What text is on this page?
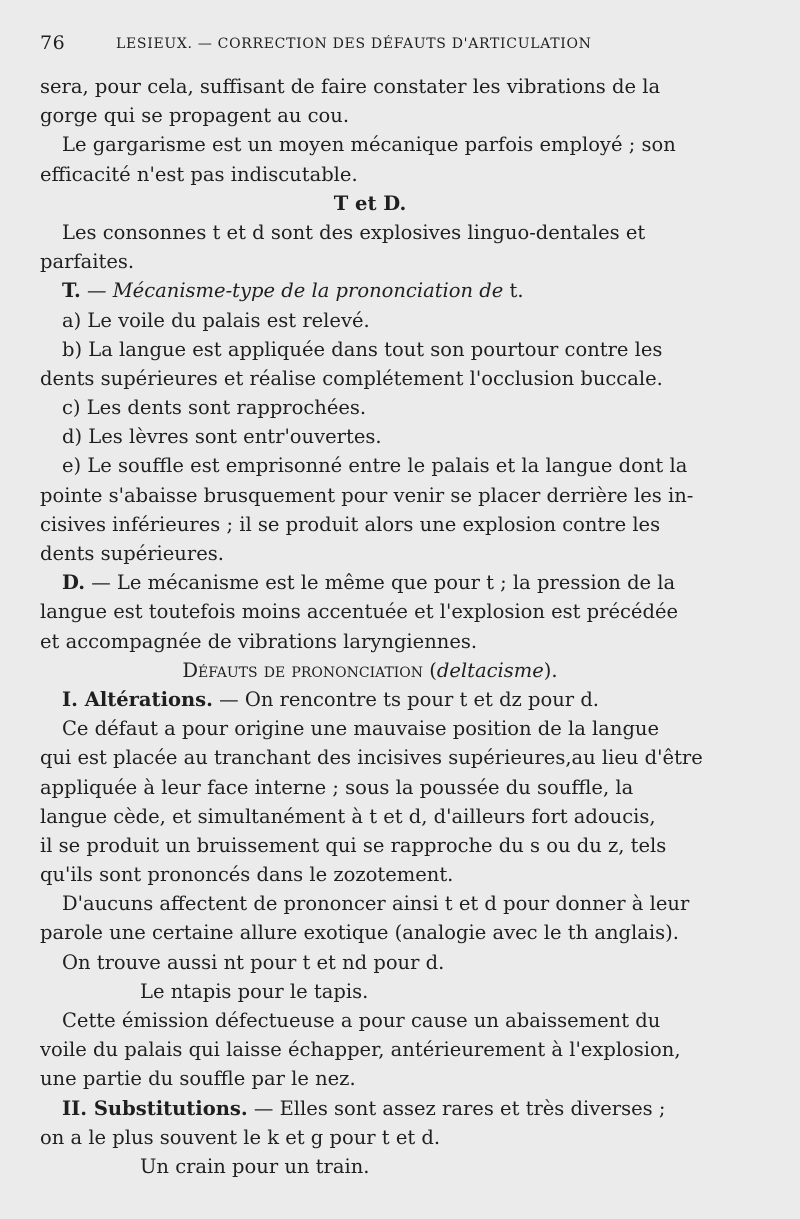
76	LESIEUX. — CORRECTION DES DÉFAUTS D'ARTICULATION
sera, pour cela, suffisant de faire constater les vibrations de la
gorge qui se propagent au cou.
Le gargarisme est un moyen mécanique parfois employé ; son
efficacité n'est pas indiscutable.
T et D.
Les consonnes t et d sont des explosives linguo-dentales et
parfaites.
T. — Mécanisme-type de la prononciation de t.
a) Le voile du palais est relevé.
b) La langue est appliquée dans tout son pourtour contre les
dents supérieures et réalise complétement l'occlusion buccale.
c) Les dents sont rapprochées.
d) Les lèvres sont entr'ouvertes.
e) Le souffle est emprisonné entre le palais et la langue dont la
pointe s'abaisse brusquement pour venir se placer derrière les in-
cisives inférieures ; il se produit alors une explosion contre les
dents supérieures.
D. — Le mécanisme est le même que pour t ; la pression de la
langue est toutefois moins accentuée et l'explosion est précédée
et accompagnée de vibrations laryngiennes.
Défauts de prononciation (deltacisme).
I. Altérations. — On rencontre ts pour t et dz pour d.
Ce défaut a pour origine une mauvaise position de la langue
qui est placée au tranchant des incisives supérieures,au lieu d'être
appliquée à leur face interne ; sous la poussée du souffle, la
langue cède, et simultanément à t et d, d'ailleurs fort adoucis,
il se produit un bruissement qui se rapproche du s ou du z, tels
qu'ils sont prononcés dans le zozotement.
D'aucuns affectent de prononcer ainsi t et d pour donner à leur
parole une certaine allure exotique (analogie avec le th anglais).
On trouve aussi nt pour t et nd pour d.
Le ntapis pour le tapis.
Cette émission défectueuse a pour cause un abaissement du
voile du palais qui laisse échapper, antérieurement à l'explosion,
une partie du souffle par le nez.
II. Substitutions. — Elles sont assez rares et très diverses ;
on a le plus souvent le k et g pour t et d.
Un crain pour un train.
